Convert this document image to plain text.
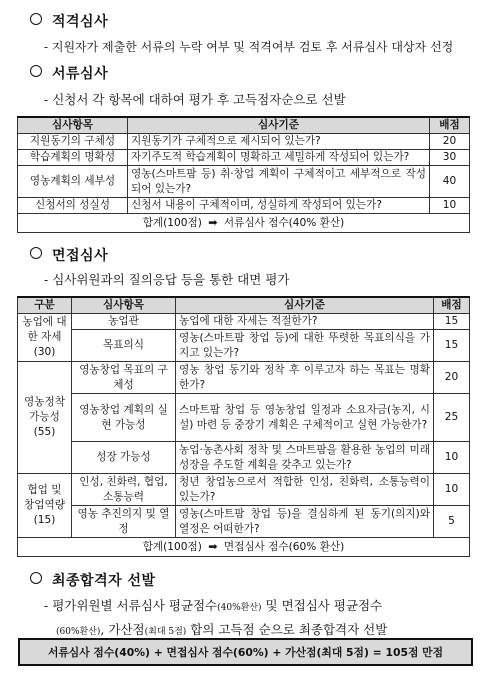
적격심사
- 지원자가 제출한 서류의 누락 여부 및 적격여부 검토 후 서류심사 대상자 선정
서류심사
- 신청서 각 항목에 대하여 평가 후 고득점자순으로 선발
심사항목	심사기준	배점
지원동기의 구체성	지원동기가 구체적으로 제시되어 있는가?	20
학습계획의 명확성	자기주도적 학습계획이 명확하고 세밀하게 작성되어 있는가?	30
영농계획의 세부성	영농(스마트팜 등) 취·창업 계획이 구체적이고 세부적으로 작성되어 있는가?	40
신청서의 성실성	신청서 내용이 구체적이며, 성실하게 작성되어 있는가?	10
합계(100점) ➡ 서류심사 점수(40% 환산)		
면접심사
- 심사위원과의 질의응답 등을 통한 대면 평가
구분	심사항목	심사기준	배점
농업에 대한 자세 (30)	농업관	농업에 대한 자세는 적절한가?	15
	목표의식	영농(스마트팜 창업 등)에 대한 뚜렷한 목표의식을 가지고 있는가?	15
영농정착 가능성 (55)	영농창업 목표의 구체성	영농 창업 동기와 정착 후 이루고자 하는 목표는 명확한가?	20
	영농창업 계획의 실현 가능성	스마트팜 창업 등 영농창업 일정과 소요자금(농지, 시설) 마련 등 중장기 계획은 구체적이고 실현 가능한가?	25
	성장 가능성	농업·농촌사회 정착 및 스마트팜을 활용한 농업의 미래 성장을 주도할 계획을 갖추고 있는가?	10
협업 및 창업역량 (15)	인성, 친화력, 협업, 소통능력	청년 창업농으로서 적합한 인성, 친화력, 소통능력이 있는가?	10
	영농 추진의지 및 열정	영농(스마트팜 창업 등)을 결심하게 된 동기(의지)와 열정은 어떠한가?	5
합계(100점) ➡ 면접심사 점수(60% 환산)			
최종합격자 선발
- 평가위원별 서류심사 평균점수(40%환산) 및 면접심사 평균점수
(60%환산), 가산점(최대 5점) 합의 고득점 순으로 최종합격자 선발
서류심사 점수(40%) + 면접심사 점수(60%) + 가산점(최대 5점) = 105점 만점
